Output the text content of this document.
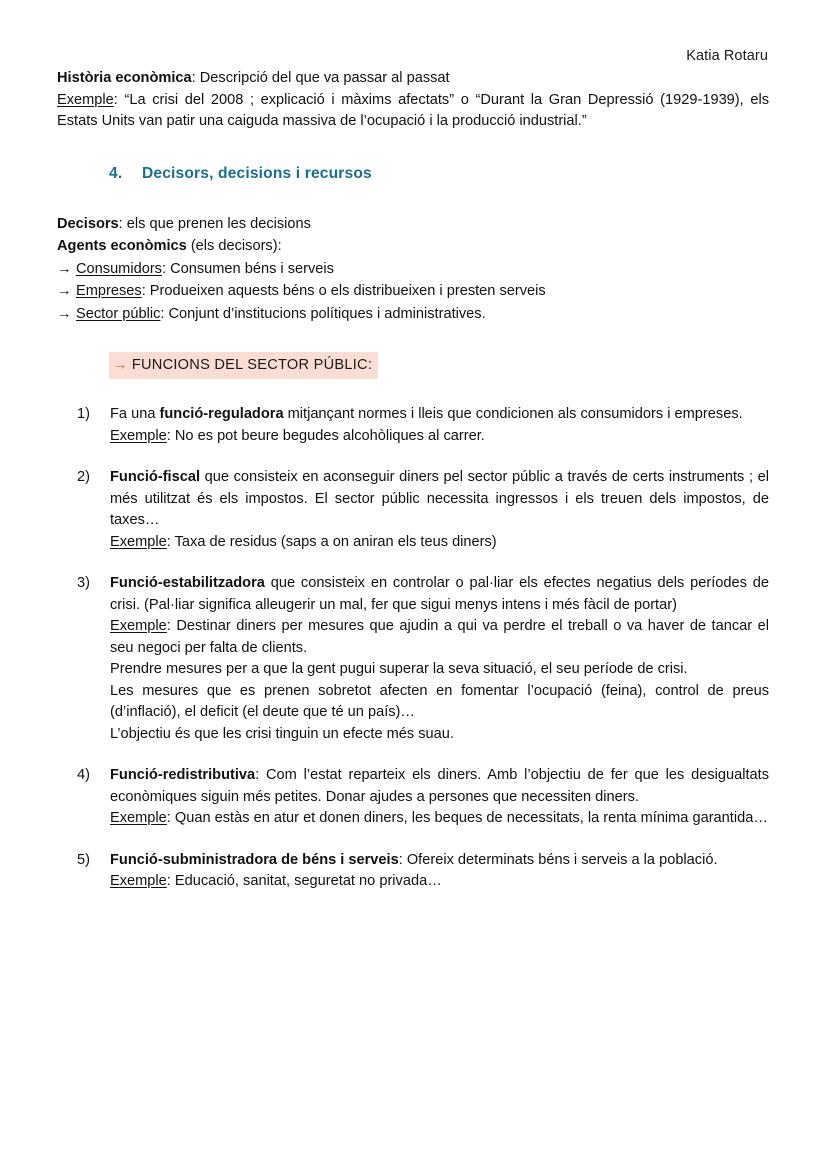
Katia Rotaru

Història econòmica: Descripció del que va passar al passat

Exemple: “La crisi del 2008 ; explicació i màxims afectats” o “Durant la Gran Depressió (1929-1939), els Estats Units van patir una caiguda massiva de l’ocupació i la producció industrial.”

4. Decisors, decisions i recursos

Decisors: els que prenen les decisions

Agents econòmics (els decisors):

→ Consumidors: Consumen béns i serveis

→ Empreses: Produeixen aquests béns o els distribueixen i presten serveis

→ Sector públic: Conjunt d’institucions polítiques i administratives.

→ FUNCIONS DEL SECTOR PÚBLIC:
1)	Fa una funció-reguladora mitjançant normes i lleis que condicionen als consumidors i empreses.

Exemple: No es pot beure begudes alcohòliques al carrer.

2)	Funció-fiscal que consisteix en aconseguir diners pel sector públic a través de certs instruments ; el més utilitzat és els impostos. El sector públic necessita ingressos i els treuen dels impostos, de taxes…

Exemple: Taxa de residus (saps a on aniran els teus diners)

3)	Funció-estabilitzadora que consisteix en controlar o pal·liar els efectes negatius dels períodes de crisi. (Pal·liar significa alleugerir un mal, fer que sigui menys intens i més fàcil de portar)

Exemple: Destinar diners per mesures que ajudin a qui va perdre el treball o va haver de tancar el seu negoci per falta de clients.

Prendre mesures per a que la gent pugui superar la seva situació, el seu període de crisi.

Les mesures que es prenen sobretot afecten en fomentar l’ocupació (feina), control de preus (d’inflació), el deficit (el deute que té un país)…

L’objectiu és que les crisi tinguin un efecte més suau.

4)	Funció-redistributiva: Com l’estat reparteix els diners. Amb l’objectiu de fer que les desigualtats econòmiques siguin més petites. Donar ajudes a persones que necessiten diners.

Exemple: Quan estàs en atur et donen diners, les beques de necessitats, la renta mínima garantida…

5)	Funció-subministradora de béns i serveis: Ofereix determinats béns i serveis a la població.

Exemple: Educació, sanitat, seguretat no privada…
